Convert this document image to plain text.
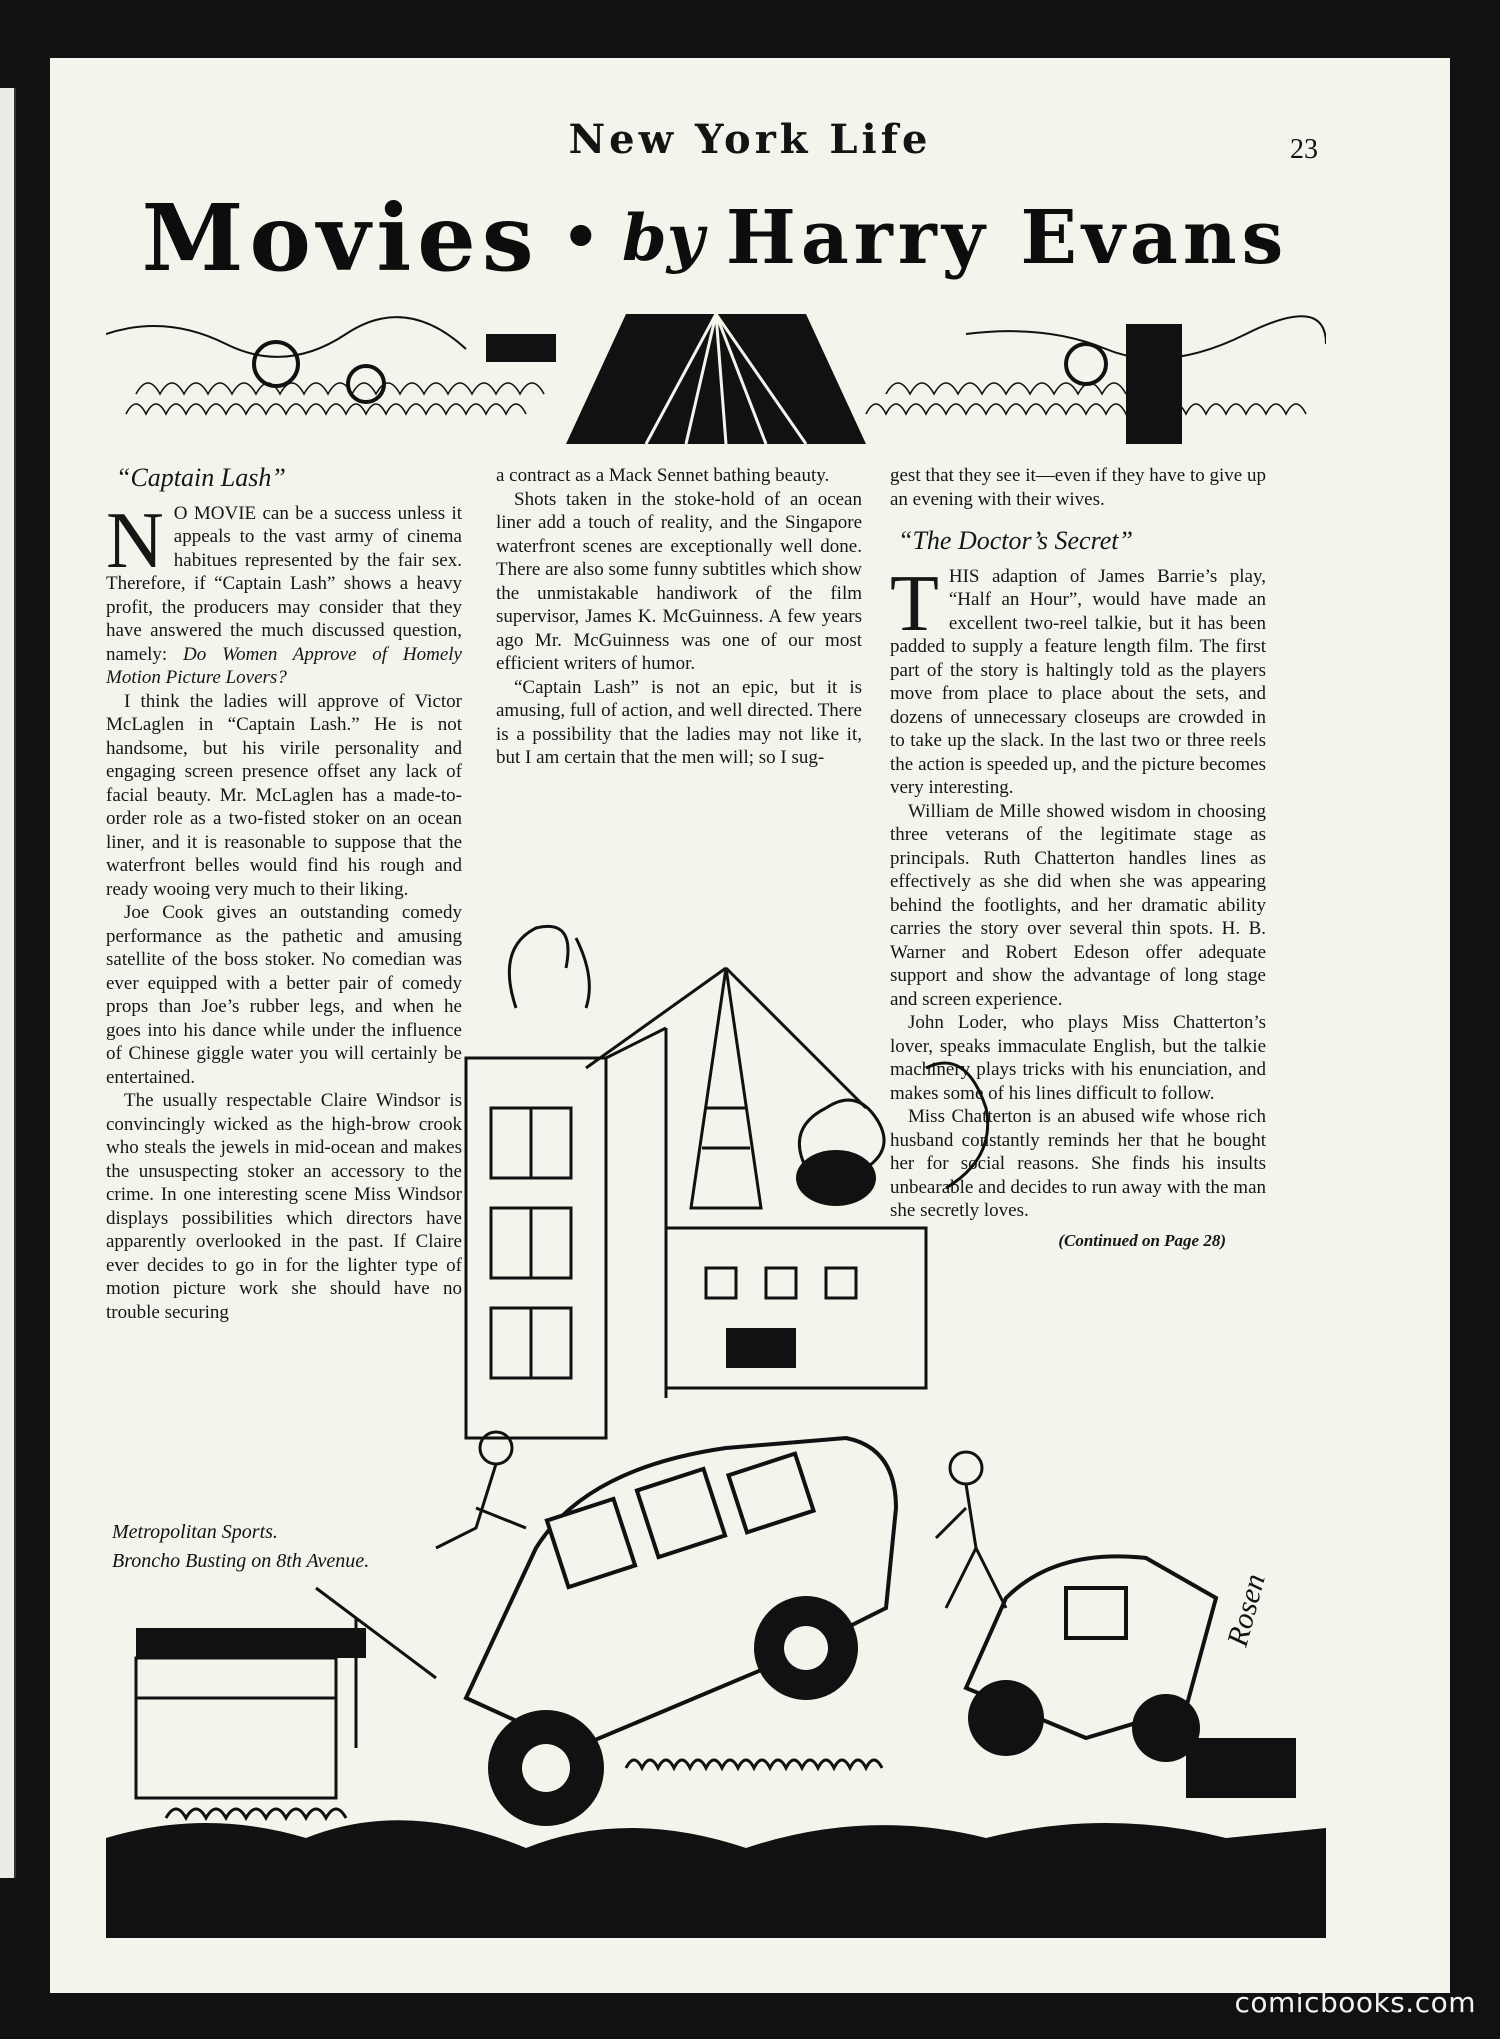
New York Life	23
Movies • by Harry Evans
“Captain Lash”

N O MOVIE can be a success unless it appeals to the vast army of cinema habitues represented by the fair sex. Therefore, if “Captain Lash” shows a heavy profit, the producers may consider that they have answered the much discussed question, namely: Do Women Approve of Homely Motion Picture Lovers?

I think the ladies will approve of Victor McLaglen in “Captain Lash.” He is not handsome, but his virile personality and engaging screen presence offset any lack of facial beauty. Mr. McLaglen has a made-to-order role as a two-fisted stoker on an ocean liner, and it is reasonable to suppose that the waterfront belles would find his rough and ready wooing very much to their liking.

Joe Cook gives an outstanding comedy performance as the pathetic and amusing satellite of the boss stoker. No comedian was ever equipped with a better pair of comedy props than Joe’s rubber legs, and when he goes into his dance while under the influence of Chinese giggle water you will certainly be entertained.

The usually respectable Claire Windsor is convincingly wicked as the high-brow crook who steals the jewels in mid-ocean and makes the unsuspecting stoker an accessory to the crime. In one interesting scene Miss Windsor displays possibilities which directors have apparently overlooked in the past. If Claire ever decides to go in for the lighter type of motion picture work she should have no trouble securing

a contract as a Mack Sennet bathing beauty.

Shots taken in the stoke-hold of an ocean liner add a touch of reality, and the Singapore waterfront scenes are exceptionally well done. There are also some funny subtitles which show the unmistakable handiwork of the film supervisor, James K. McGuinness. A few years ago Mr. McGuinness was one of our most efficient writers of humor.

“Captain Lash” is not an epic, but it is amusing, full of action, and well directed. There is a possibility that the ladies may not like it, but I am certain that the men will; so I sug-

gest that they see it—even if they have to give up an evening with their wives.

“The Doctor’s Secret”

THIS adaption of James Barrie’s play, “Half an Hour”, would have made an excellent two-reel talkie, but it has been padded to supply a feature length film. The first part of the story is haltingly told as the players move from place to place about the sets, and dozens of unnecessary closeups are crowded in to take up the slack. In the last two or three reels the action is speeded up, and the picture becomes very interesting.

William de Mille showed wisdom in choosing three veterans of the legitimate stage as principals. Ruth Chatterton handles lines as effectively as she did when she was appearing behind the footlights, and her dramatic ability carries the story over several thin spots. H. B. Warner and Robert Edeson offer adequate support and show the advantage of long stage and screen experience.

John Loder, who plays Miss Chatterton’s lover, speaks immaculate English, but the talkie machinery plays tricks with his enunciation, and makes some of his lines difficult to follow.

Miss Chatterton is an abused wife whose rich husband constantly reminds her that he bought her for social reasons. She finds his insults unbearable and decides to run away with the man she secretly loves.

(Continued on Page 28)
Rosen
Metropolitan Sports.
Broncho Busting on 8th Avenue.
comicbooks.com
